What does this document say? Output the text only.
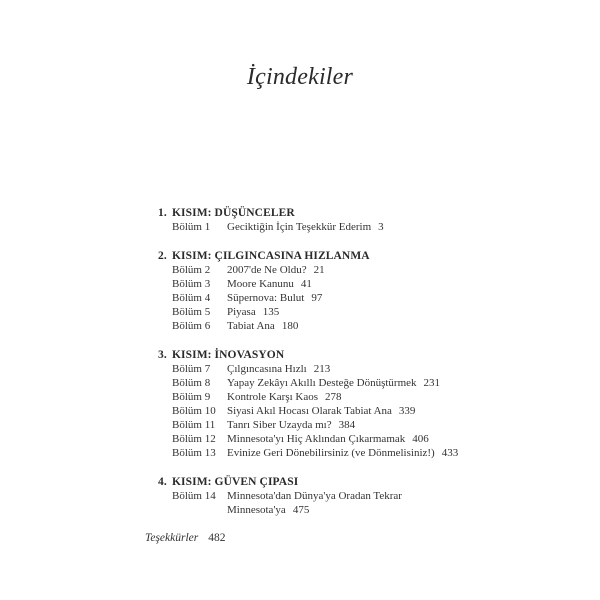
İçindekiler
1. KISIM: DÜŞÜNCELER
Bölüm 1	Geciktiğin İçin Teşekkür Ederim 3
2. KISIM: ÇILGINCASINA HIZLANMA
Bölüm 2	2007'de Ne Oldu? 21
Bölüm 3	Moore Kanunu 41
Bölüm 4	Süpernova: Bulut 97
Bölüm 5	Piyasa 135
Bölüm 6	Tabiat Ana 180
3. KISIM: İNOVASYON
Bölüm 7	Çılgıncasına Hızlı 213
Bölüm 8	Yapay Zekâyı Akıllı Desteğe Dönüştürmek 231
Bölüm 9	Kontrole Karşı Kaos 278
Bölüm 10	Siyasi Akıl Hocası Olarak Tabiat Ana 339
Bölüm 11	Tanrı Siber Uzayda mı? 384
Bölüm 12	Minnesota'yı Hiç Aklından Çıkarmamak 406
Bölüm 13	Evinize Geri Dönebilirsiniz (ve Dönmelisiniz!) 433
4. KISIM: GÜVEN ÇIPASI
Bölüm 14	Minnesota'dan Dünya'ya Oradan Tekrar
Minnesota'ya 475
Teşekkürler 482
